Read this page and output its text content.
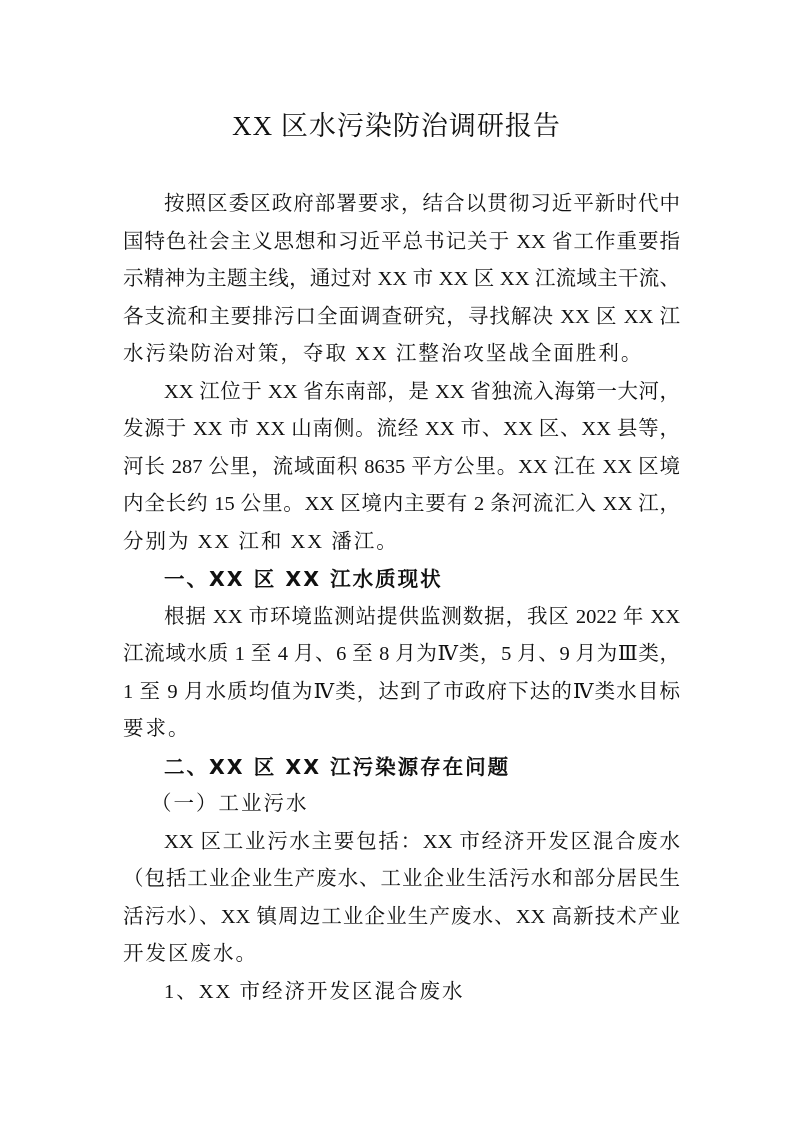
XX 区水污染防治调研报告
按照区委区政府部署要求，结合以贯彻习近平新时代中
国特色社会主义思想和习近平总书记关于 XX 省工作重要指
示精神为主题主线，通过对 XX 市 XX 区 XX 江流域主干流、
各支流和主要排污口全面调查研究，寻找解决 XX 区 XX 江
水污染防治对策，夺取 XX 江整治攻坚战全面胜利。
XX 江位于 XX 省东南部，是 XX 省独流入海第一大河，
发源于 XX 市 XX 山南侧。流经 XX 市、XX 区、XX 县等，
河长 287 公里，流域面积 8635 平方公里。XX 江在 XX 区境
内全长约 15 公里。XX 区境内主要有 2 条河流汇入 XX 江，
分别为 XX 江和 XX 潘江。
一、XX 区 XX 江水质现状
根据 XX 市环境监测站提供监测数据，我区 2022 年 XX
江流域水质 1 至 4 月、6 至 8 月为Ⅳ类，5 月、9 月为Ⅲ类，
1 至 9 月水质均值为Ⅳ类，达到了市政府下达的Ⅳ类水目标
要求。
二、XX 区 XX 江污染源存在问题
（一）工业污水
XX 区工业污水主要包括：XX 市经济开发区混合废水
（包括工业企业生产废水、工业企业生活污水和部分居民生
活污水）、XX 镇周边工业企业生产废水、XX 高新技术产业
开发区废水。
1、XX 市经济开发区混合废水
